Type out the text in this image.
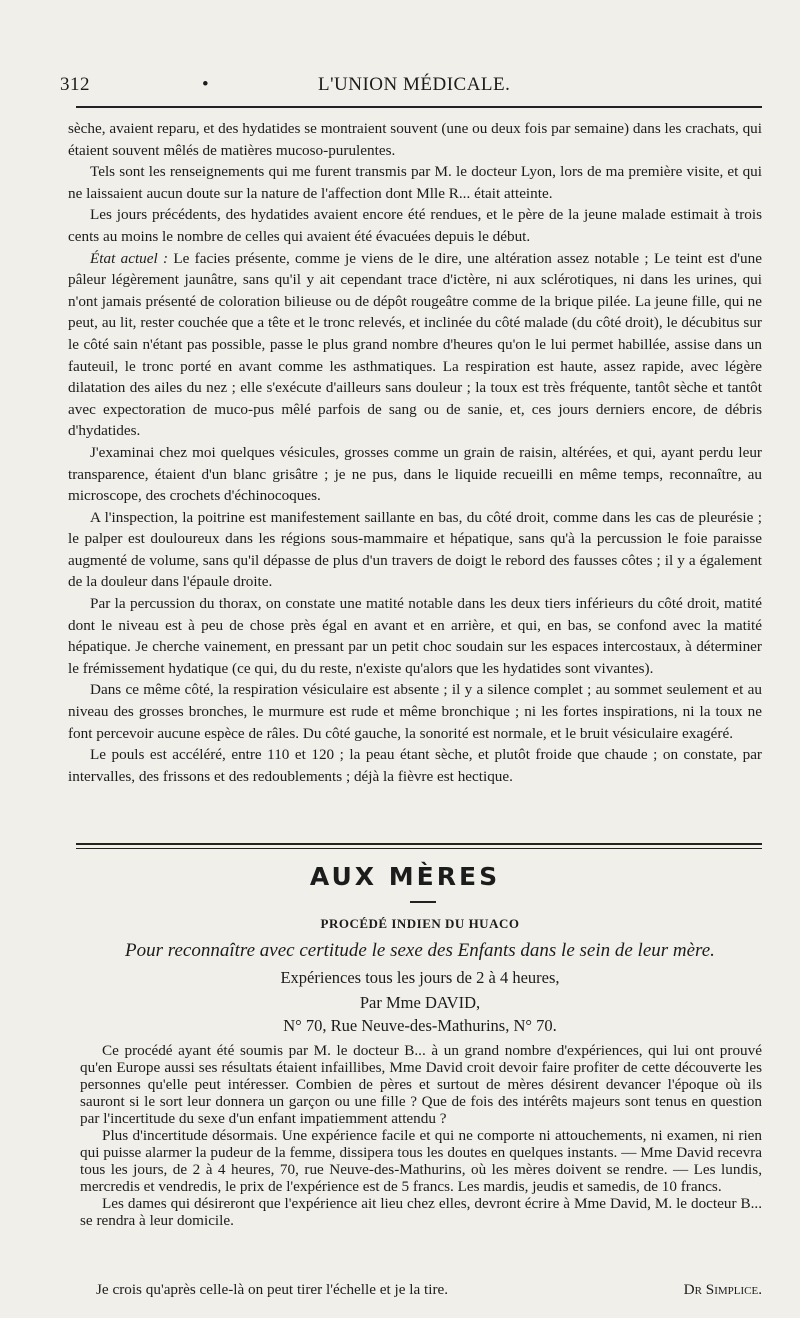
312	•	L'UNION MÉDICALE.

sèche, avaient reparu, et des hydatides se montraient souvent (une ou deux fois par semaine) dans les crachats, qui étaient souvent mêlés de matières mucoso-purulentes.

Tels sont les renseignements qui me furent transmis par M. le docteur Lyon, lors de ma première visite, et qui ne laissaient aucun doute sur la nature de l'affection dont Mlle R... était atteinte.

Les jours précédents, des hydatides avaient encore été rendues, et le père de la jeune malade estimait à trois cents au moins le nombre de celles qui avaient été évacuées depuis le début.

État actuel : Le facies présente, comme je viens de le dire, une altération assez notable ; Le teint est d'une pâleur légèrement jaunâtre, sans qu'il y ait cependant trace d'ictère, ni aux sclérotiques, ni dans les urines, qui n'ont jamais présenté de coloration bilieuse ou de dépôt rougeâtre comme de la brique pilée. La jeune fille, qui ne peut, au lit, rester couchée que a tête et le tronc relevés, et inclinée du côté malade (du côté droit), le décubitus sur le côté sain n'étant pas possible, passe le plus grand nombre d'heures qu'on le lui permet habillée, assise dans un fauteuil, le tronc porté en avant comme les asthmatiques. La respiration est haute, assez rapide, avec légère dilatation des ailes du nez ; elle s'exécute d'ailleurs sans douleur ; la toux est très fréquente, tantôt sèche et tantôt avec expectoration de muco-pus mêlé parfois de sang ou de sanie, et, ces jours derniers encore, de débris d'hydatides.

J'examinai chez moi quelques vésicules, grosses comme un grain de raisin, altérées, et qui, ayant perdu leur transparence, étaient d'un blanc grisâtre ; je ne pus, dans le liquide recueilli en même temps, reconnaître, au microscope, des crochets d'échinocoques.

A l'inspection, la poitrine est manifestement saillante en bas, du côté droit, comme dans les cas de pleurésie ; le palper est douloureux dans les régions sous-mammaire et hépatique, sans qu'à la percussion le foie paraisse augmenté de volume, sans qu'il dépasse de plus d'un travers de doigt le rebord des fausses côtes ; il y a également de la douleur dans l'épaule droite.

Par la percussion du thorax, on constate une matité notable dans les deux tiers inférieurs du côté droit, matité dont le niveau est à peu de chose près égal en avant et en arrière, et qui, en bas, se confond avec la matité hépatique. Je cherche vainement, en pressant par un petit choc soudain sur les espaces intercostaux, à déterminer le frémissement hydatique (ce qui, du du reste, n'existe qu'alors que les hydatides sont vivantes).

Dans ce même côté, la respiration vésiculaire est absente ; il y a silence complet ; au sommet seulement et au niveau des grosses bronches, le murmure est rude et même bronchique ; ni les fortes inspirations, ni la toux ne font percevoir aucune espèce de râles. Du côté gauche, la sonorité est normale, et le bruit vésiculaire exagéré.

Le pouls est accéléré, entre 110 et 120 ; la peau étant sèche, et plutôt froide que chaude ; on constate, par intervalles, des frissons et des redoublements ; déjà la fièvre est hectique.

AUX MÈRES
PROCÉDÉ INDIEN DU HUACO
Pour reconnaître avec certitude le sexe des Enfants dans le sein de leur mère.
Expériences tous les jours de 2 à 4 heures,
Par Mme DAVID,
N° 70, Rue Neuve-des-Mathurins, N° 70.

Ce procédé ayant été soumis par M. le docteur B... à un grand nombre d'expériences, qui lui ont prouvé qu'en Europe aussi ses résultats étaient infaillibes, Mme David croit devoir faire profiter de cette découverte les personnes qu'elle peut intéresser. Combien de pères et surtout de mères désirent devancer l'époque où ils sauront si le sort leur donnera un garçon ou une fille ? Que de fois des intérêts majeurs sont tenus en question par l'incertitude du sexe d'un enfant impatiemment attendu ?

Plus d'incertitude désormais. Une expérience facile et qui ne comporte ni attouchements, ni examen, ni rien qui puisse alarmer la pudeur de la femme, dissipera tous les doutes en quelques instants. — Mme David recevra tous les jours, de 2 à 4 heures, 70, rue Neuve-des-Mathurins, où les mères doivent se rendre. — Les lundis, mercredis et vendredis, le prix de l'expérience est de 5 francs. Les mardis, jeudis et samedis, de 10 francs.

Les dames qui désireront que l'expérience ait lieu chez elles, devront écrire à Mme David, M. le docteur B... se rendra à leur domicile.

Je crois qu'après celle-là on peut tirer l'échelle et je la tire.	Dr Simplice.
